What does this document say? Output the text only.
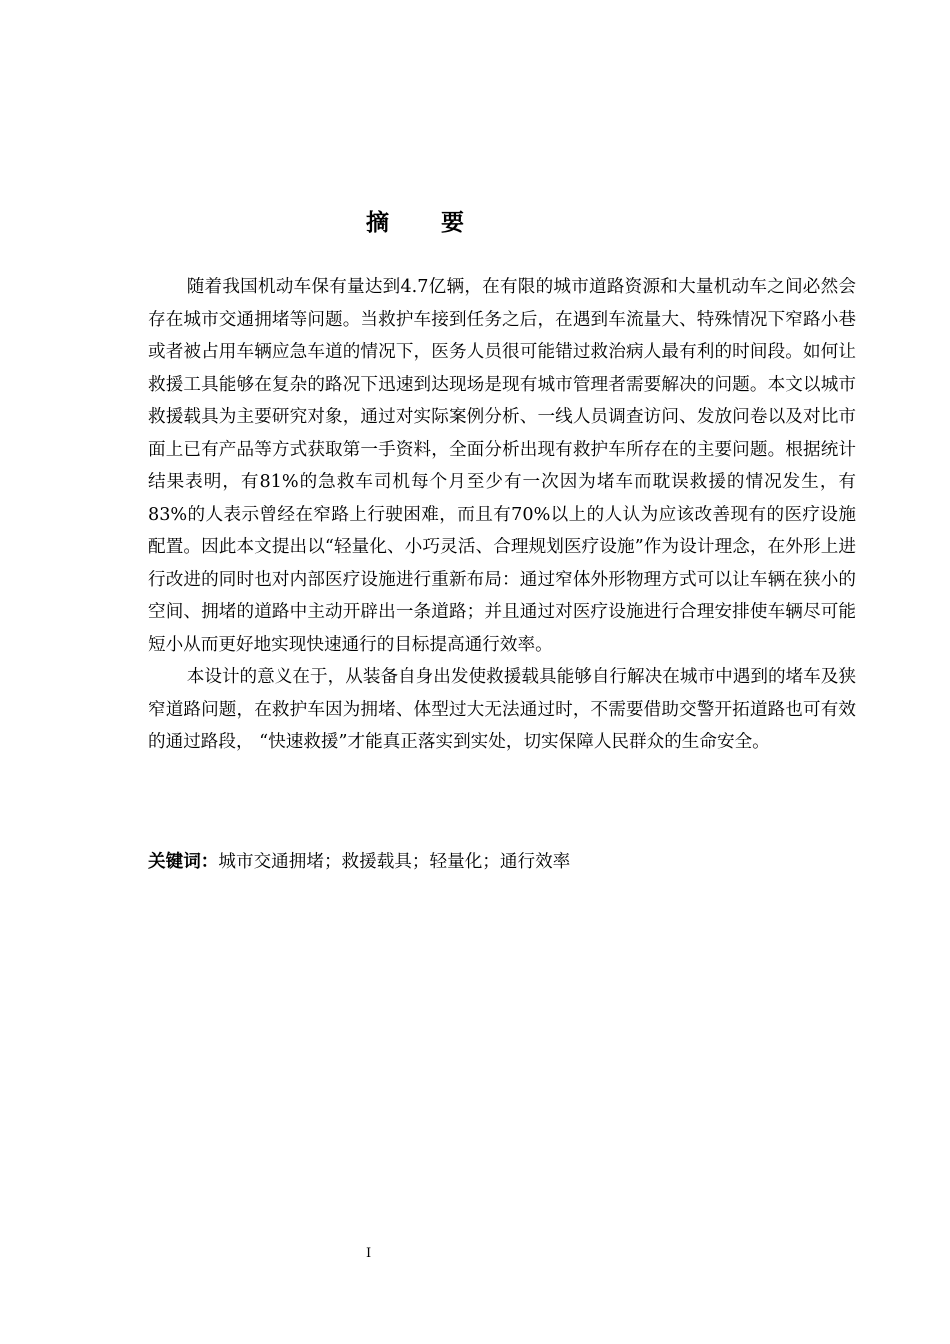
摘 要

随着我国机动车保有量达到4.7亿辆，在有限的城市道路资源和大量机动车之间必然会存在城市交通拥堵等问题。当救护车接到任务之后，在遇到车流量大、特殊情况下窄路小巷或者被占用车辆应急车道的情况下，医务人员很可能错过救治病人最有利的时间段。如何让救援工具能够在复杂的路况下迅速到达现场是现有城市管理者需要解决的问题。本文以城市救援载具为主要研究对象，通过对实际案例分析、一线人员调查访问、发放问卷以及对比市面上已有产品等方式获取第一手资料，全面分析出现有救护车所存在的主要问题。根据统计结果表明，有81%的急救车司机每个月至少有一次因为堵车而耽误救援的情况发生，有83%的人表示曾经在窄路上行驶困难，而且有70%以上的人认为应该改善现有的医疗设施配置。因此本文提出以“轻量化、小巧灵活、合理规划医疗设施”作为设计理念，在外形上进行改进的同时也对内部医疗设施进行重新布局：通过窄体外形物理方式可以让车辆在狭小的空间、拥堵的道路中主动开辟出一条道路；并且通过对医疗设施进行合理安排使车辆尽可能短小从而更好地实现快速通行的目标提高通行效率。

本设计的意义在于，从装备自身出发使救援载具能够自行解决在城市中遇到的堵车及狭窄道路问题，在救护车因为拥堵、体型过大无法通过时，不需要借助交警开拓道路也可有效的通过路段， “快速救援”才能真正落实到实处，切实保障人民群众的生命安全。

关键词：城市交通拥堵；救援载具；轻量化；通行效率
I
